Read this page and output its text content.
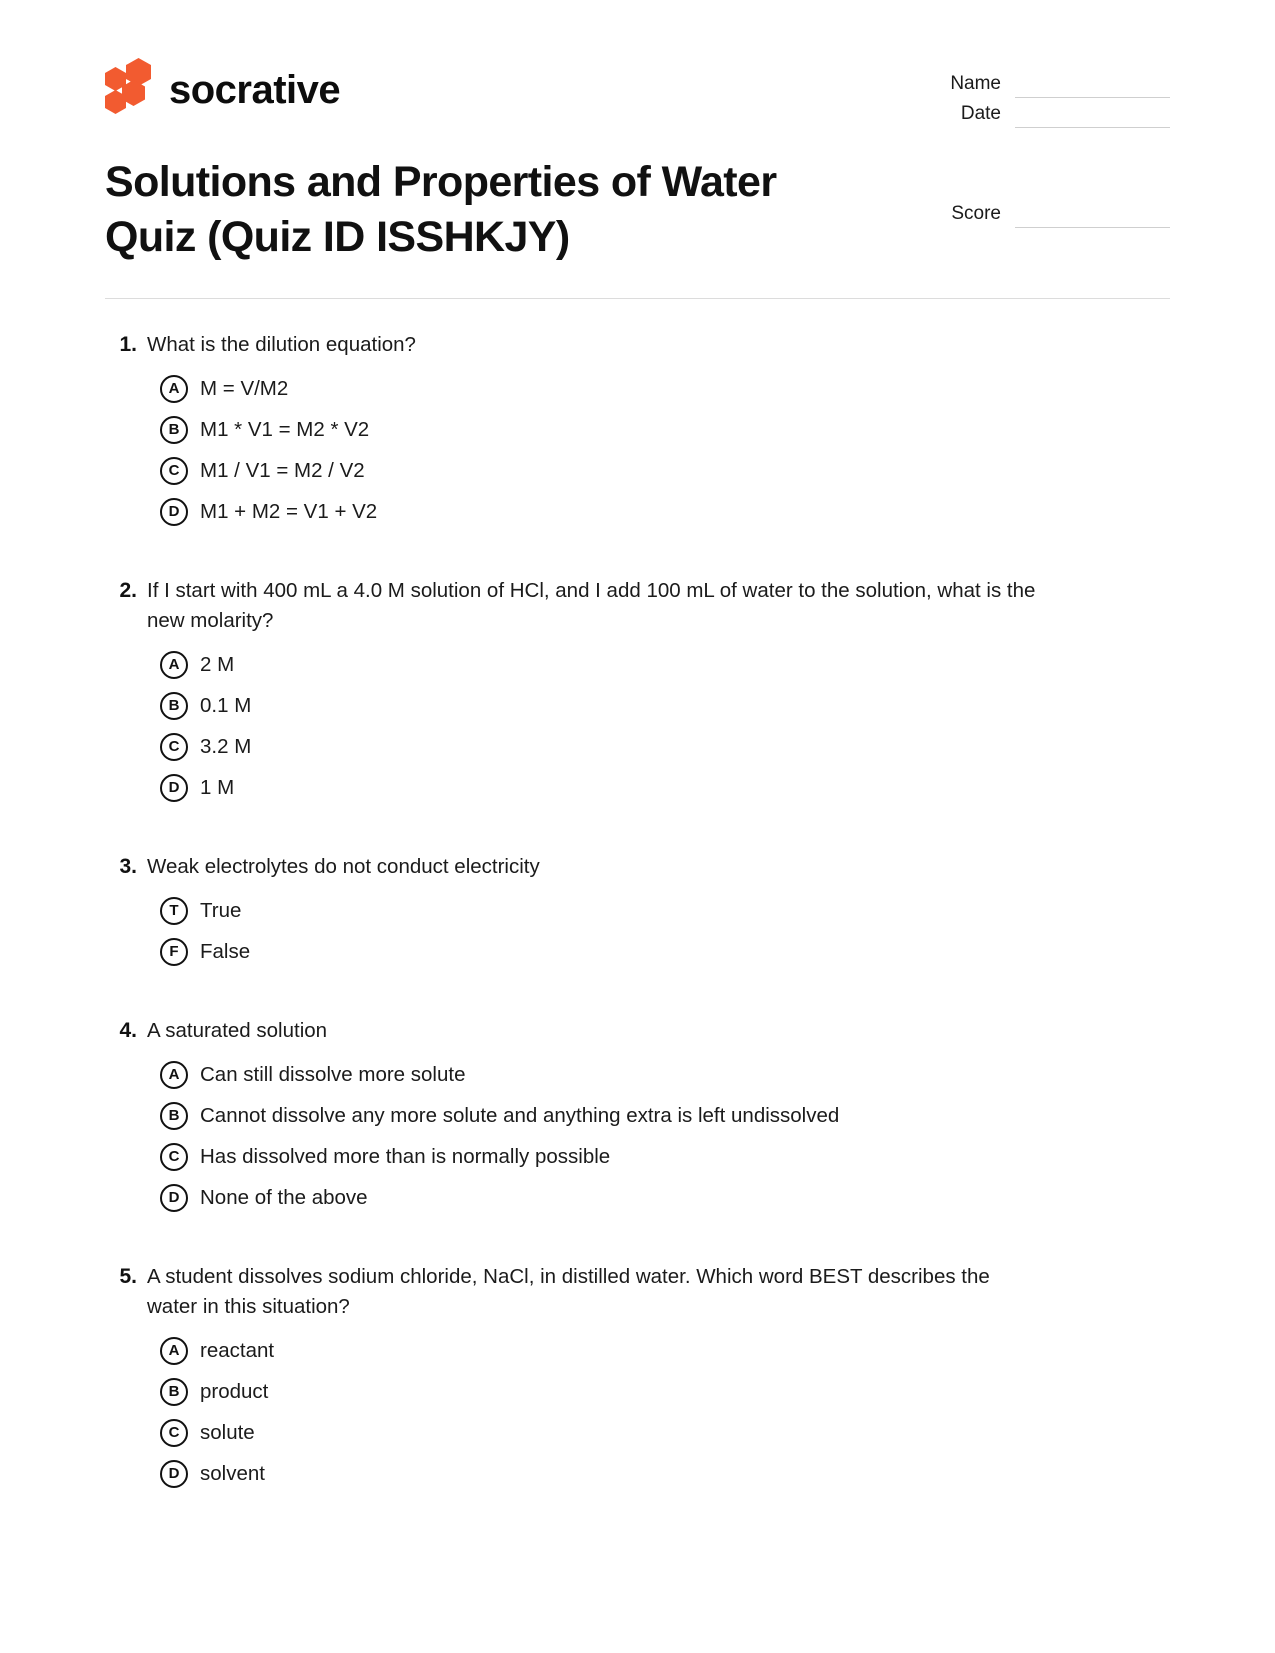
socrative	Name
Date
Score
Solutions and Properties of Water Quiz (Quiz ID ISSHKJY)
1. What is the dilution equation?
A	M = V/M2
B	M1 * V1 = M2 * V2
C	M1 / V1 = M2 / V2
D	M1 + M2 = V1 + V2
2. If I start with 400 mL a 4.0 M solution of HCl, and I add 100 mL of water to the solution, what is the new molarity?
A	2 M
B	0.1 M
C	3.2 M
D	1 M
3. Weak electrolytes do not conduct electricity
T	True
F	False
4. A saturated solution
A	Can still dissolve more solute
B	Cannot dissolve any more solute and anything extra is left undissolved
C	Has dissolved more than is normally possible
D	None of the above
5. A student dissolves sodium chloride, NaCl, in distilled water. Which word BEST describes the water in this situation?
A	reactant
B	product
C	solute
D	solvent
